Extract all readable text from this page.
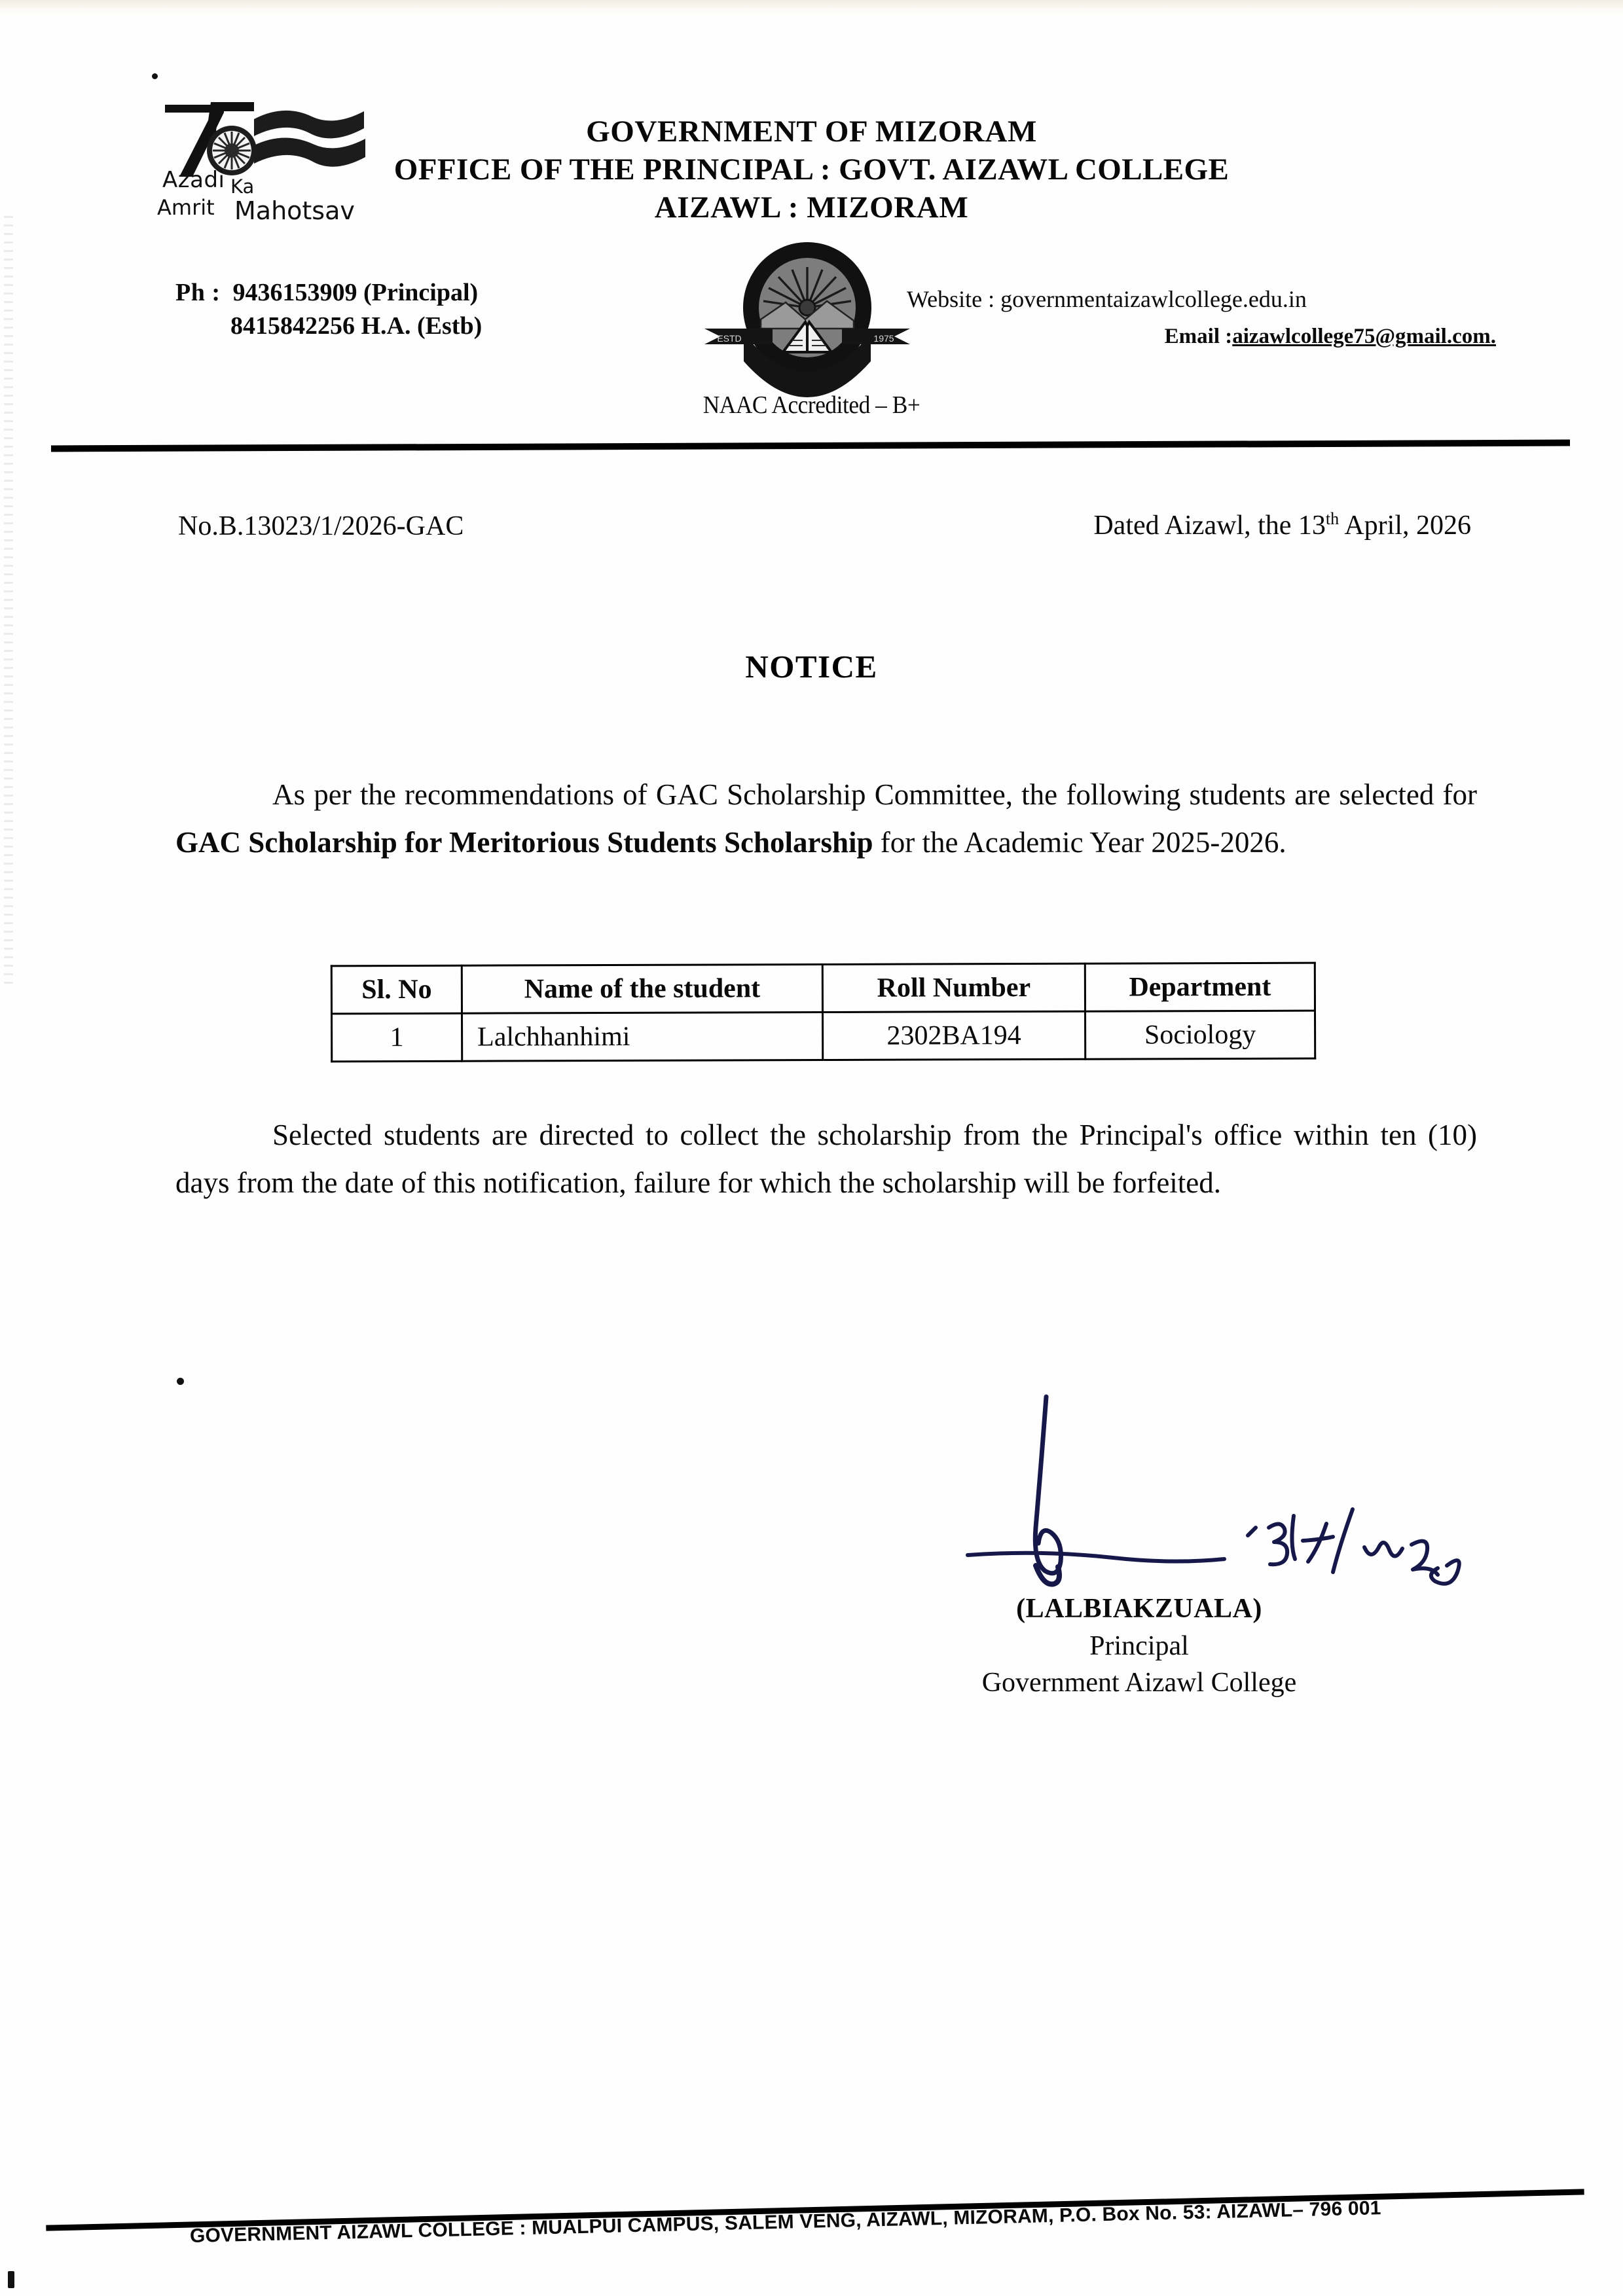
Azadi Ka
Amrit Mahotsav
GOVERNMENT OF MIZORAM
OFFICE OF THE PRINCIPAL : GOVT. AIZAWL COLLEGE
AIZAWL : MIZORAM
Ph : 9436153909 (Principal)
8415842256 H.A. (Estb)	ESTD	1975
Website : governmentaizawlcollege.edu.in
Email :aizawlcollege75@gmail.com.
NAAC Accredited – B+
No.B.13023/1/2026-GAC	Dated Aizawl, the 13th April, 2026
NOTICE
As per the recommendations of GAC Scholarship Committee, the following students are selected for GAC Scholarship for Meritorious Students Scholarship for the Academic Year 2025-2026.
Sl. No	Name of the student	Roll Number	Department
1	Lalchhanhimi	2302BA194	Sociology
Selected students are directed to collect the scholarship from the Principal's office within ten (10) days from the date of this notification, failure for which the scholarship will be forfeited.
(LALBIAKZUALA)
Principal
Government Aizawl College
GOVERNMENT AIZAWL COLLEGE : MUALPUI CAMPUS, SALEM VENG, AIZAWL, MIZORAM, P.O. Box No. 53: AIZAWL– 796 001
